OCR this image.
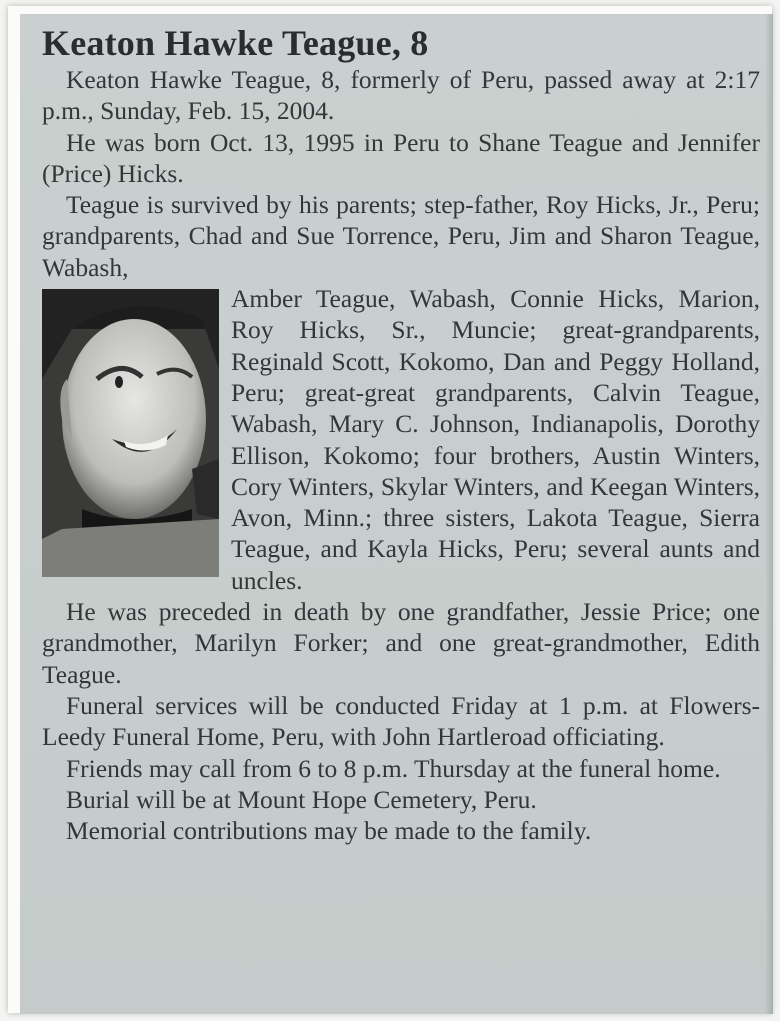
Keaton Hawke Teague, 8

Keaton Hawke Teague, 8, formerly of Peru, passed away at 2:17 p.m., Sunday, Feb. 15, 2004.

He was born Oct. 13, 1995 in Peru to Shane Teague and Jennifer (Price) Hicks.

Teague is survived by his parents; step-father, Roy Hicks, Jr., Peru; grandparents, Chad and Sue Torrence, Peru, Jim and Sharon Teague, Wabash,

Amber Teague, Wabash, Connie Hicks, Marion, Roy Hicks, Sr., Muncie; great-grandparents, Reginald Scott, Kokomo, Dan and Peggy Holland, Peru; great-great grandparents, Calvin Teague, Wabash, Mary C. Johnson, Indianapolis, Dorothy Ellison, Kokomo; four brothers, Austin Winters, Cory Winters, Skylar Winters, and Keegan Winters, Avon, Minn.; three sisters, Lakota Teague, Sierra Teague, and Kayla Hicks, Peru; several aunts and uncles.

He was preceded in death by one grandfather, Jessie Price; one grandmother, Marilyn Forker; and one great-grandmother, Edith Teague.

Funeral services will be conducted Friday at 1 p.m. at Flowers-Leedy Funeral Home, Peru, with John Hartleroad officiating.

Friends may call from 6 to 8 p.m. Thursday at the funeral home.

Burial will be at Mount Hope Cemetery, Peru.

Memorial contributions may be made to the family.
